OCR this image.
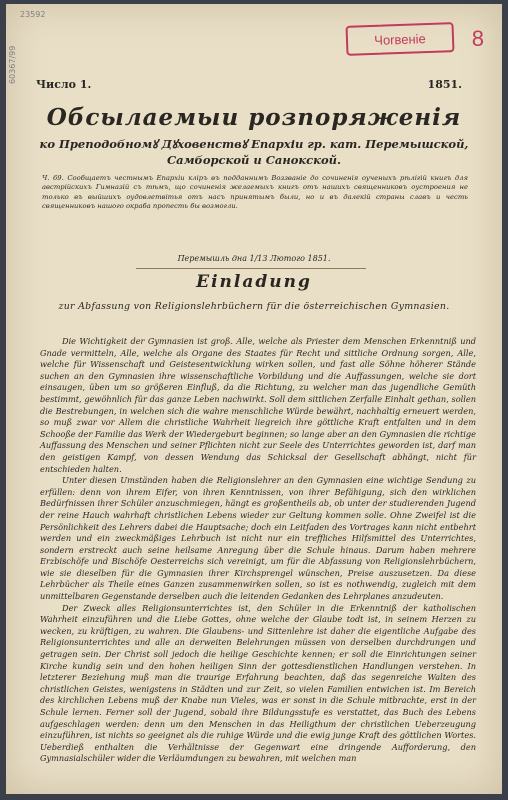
23592
60367/99
Чоrвеніе 8
Число 1.	1851.
Обсылаемыи розпоряженія
ко Преподобномꙋ Дꙋховенствꙋ Епархіи гр. кат. Перемышской, Самборской и Санокской.
Ч. 69. Сообщаетъ честнымъ Епархіи кліръ въ подданнимъ Воззваніе до сочиненія оученыхъ рѣлігій книгъ для австрійскихъ Гимназій съ тѣмъ, що сочиненія желаемыхъ книгъ отъ нашихъ священниковъ оустроения не только въ выйшихъ оудовлетвітья отъ насъ принятымъ были, но и въ далекій страны славъ и честь священниковъ нашого окраба пропесть бы возмогли.
Перемышль дна 1/13 Лютого 1851.
Einladung
zur Abfassung von Religionslehrbüchern für die österreichischen Gymnasien.

Die Wichtigkeit der Gymnasien ist groß. Alle, welche als Priester dem Menschen Erkenntniß und Gnade vermitteln, Alle, welche als Organe des Staates für Recht und sittliche Ordnung sorgen, Alle, welche für Wissenschaft und Geistesentwicklung wirken sollen, und fast alle Söhne höherer Stände suchen an den Gymnasien ihre wissenschaftliche Vorbildung und die Auffassungen, welche sie dort einsaugen, üben um so größeren Einfluß, da die Richtung, zu welcher man das jugendliche Gemüth bestimmt, gewöhnlich für das ganze Leben nachwirkt. Soll dem sittlichen Zerfalle Einhalt gethan, sollen die Bestrebungen, in welchen sich die wahre menschliche Würde bewährt, nachhaltig erneuert werden, so muß zwar vor Allem die christliche Wahrheit liegreich ihre göttliche Kraft entfalten und in dem Schooße der Familie das Werk der Wiedergeburt beginnen; so lange aber an den Gymnasien die richtige Auffassung des Menschen und seiner Pflichten nicht zur Seele des Unterrichtes geworden ist, darf man den geistigen Kampf, von dessen Wendung das Schicksal der Gesellschaft abhängt, nicht für entschieden halten.

Unter diesen Umständen haben die Religionslehrer an den Gymnasien eine wichtige Sendung zu erfüllen: denn von ihrem Eifer, von ihren Kenntnissen, von ihrer Befähigung, sich den wirklichen Bedürfnissen ihrer Schüler anzuschmiegen, hängt es großentheils ab, ob unter der studierenden Jugend der reine Hauch wahrhaft christlichen Lebens wieder zur Geltung kommen solle. Ohne Zweifel ist die Persönlichkeit des Lehrers dabei die Hauptsache; doch ein Leitfaden des Vortrages kann nicht entbehrt werden und ein zweckmäßiges Lehrbuch ist nicht nur ein treffliches Hilfsmittel des Unterrichtes, sondern erstreckt auch seine heilsame Anregung über die Schule hinaus. Darum haben mehrere Erzbischöfe und Bischöfe Oesterreichs sich vereinigt, um für die Abfassung von Religionslehrbüchern, wie sie dieselben für die Gymnasien ihrer Kirchsprengel wünschen, Preise auszusetzen. Da diese Lehrbücher als Theile eines Ganzen zusammenwirken sollen, so ist es nothwendig, zugleich mit dem unmittelbaren Gegenstande derselben auch die leitenden Gedanken des Lehrplanes anzudeuten.

Der Zweck alles Religionsunterrichtes ist, den Schüler in die Erkenntniß der katholischen Wahrheit einzuführen und die Liebe Gottes, ohne welche der Glaube todt ist, in seinem Herzen zu wecken, zu kräftigen, zu wahren. Die Glaubens- und Sittenlehre ist daher die eigentliche Aufgabe des Religionsunterrichtes und alle an derweiten Belehrungen müssen von derselben durchdrungen und getragen sein. Der Christ soll jedoch die heilige Geschichte kennen; er soll die Einrichtungen seiner Kirche kundig sein und den hohen heiligen Sinn der gottesdienstlichen Handlungen verstehen. In letzterer Beziehung muß man die traurige Erfahrung beachten, daß das segenreiche Walten des christlichen Geistes, wenigstens in Städten und zur Zeit, so vielen Familien entwichen ist. Im Bereich des kirchlichen Lebens muß der Knabe nun Vieles, was er sonst in die Schule mitbrachte, erst in der Schule lernen. Ferner soll der Jugend, sobald ihre Bildungsstufe es verstattet, das Buch des Lebens aufgeschlagen werden: denn um den Menschen in das Heiligthum der christlichen Ueberzeugung einzuführen, ist nichts so geeignet als die ruhige Würde und die ewig junge Kraft des göttlichen Wortes. Ueberdieß enthalten die Verhältnisse der Gegenwart eine dringende Aufforderung, den Gymnasialschüler wider die Verläumdungen zu bewahren, mit welchen man
